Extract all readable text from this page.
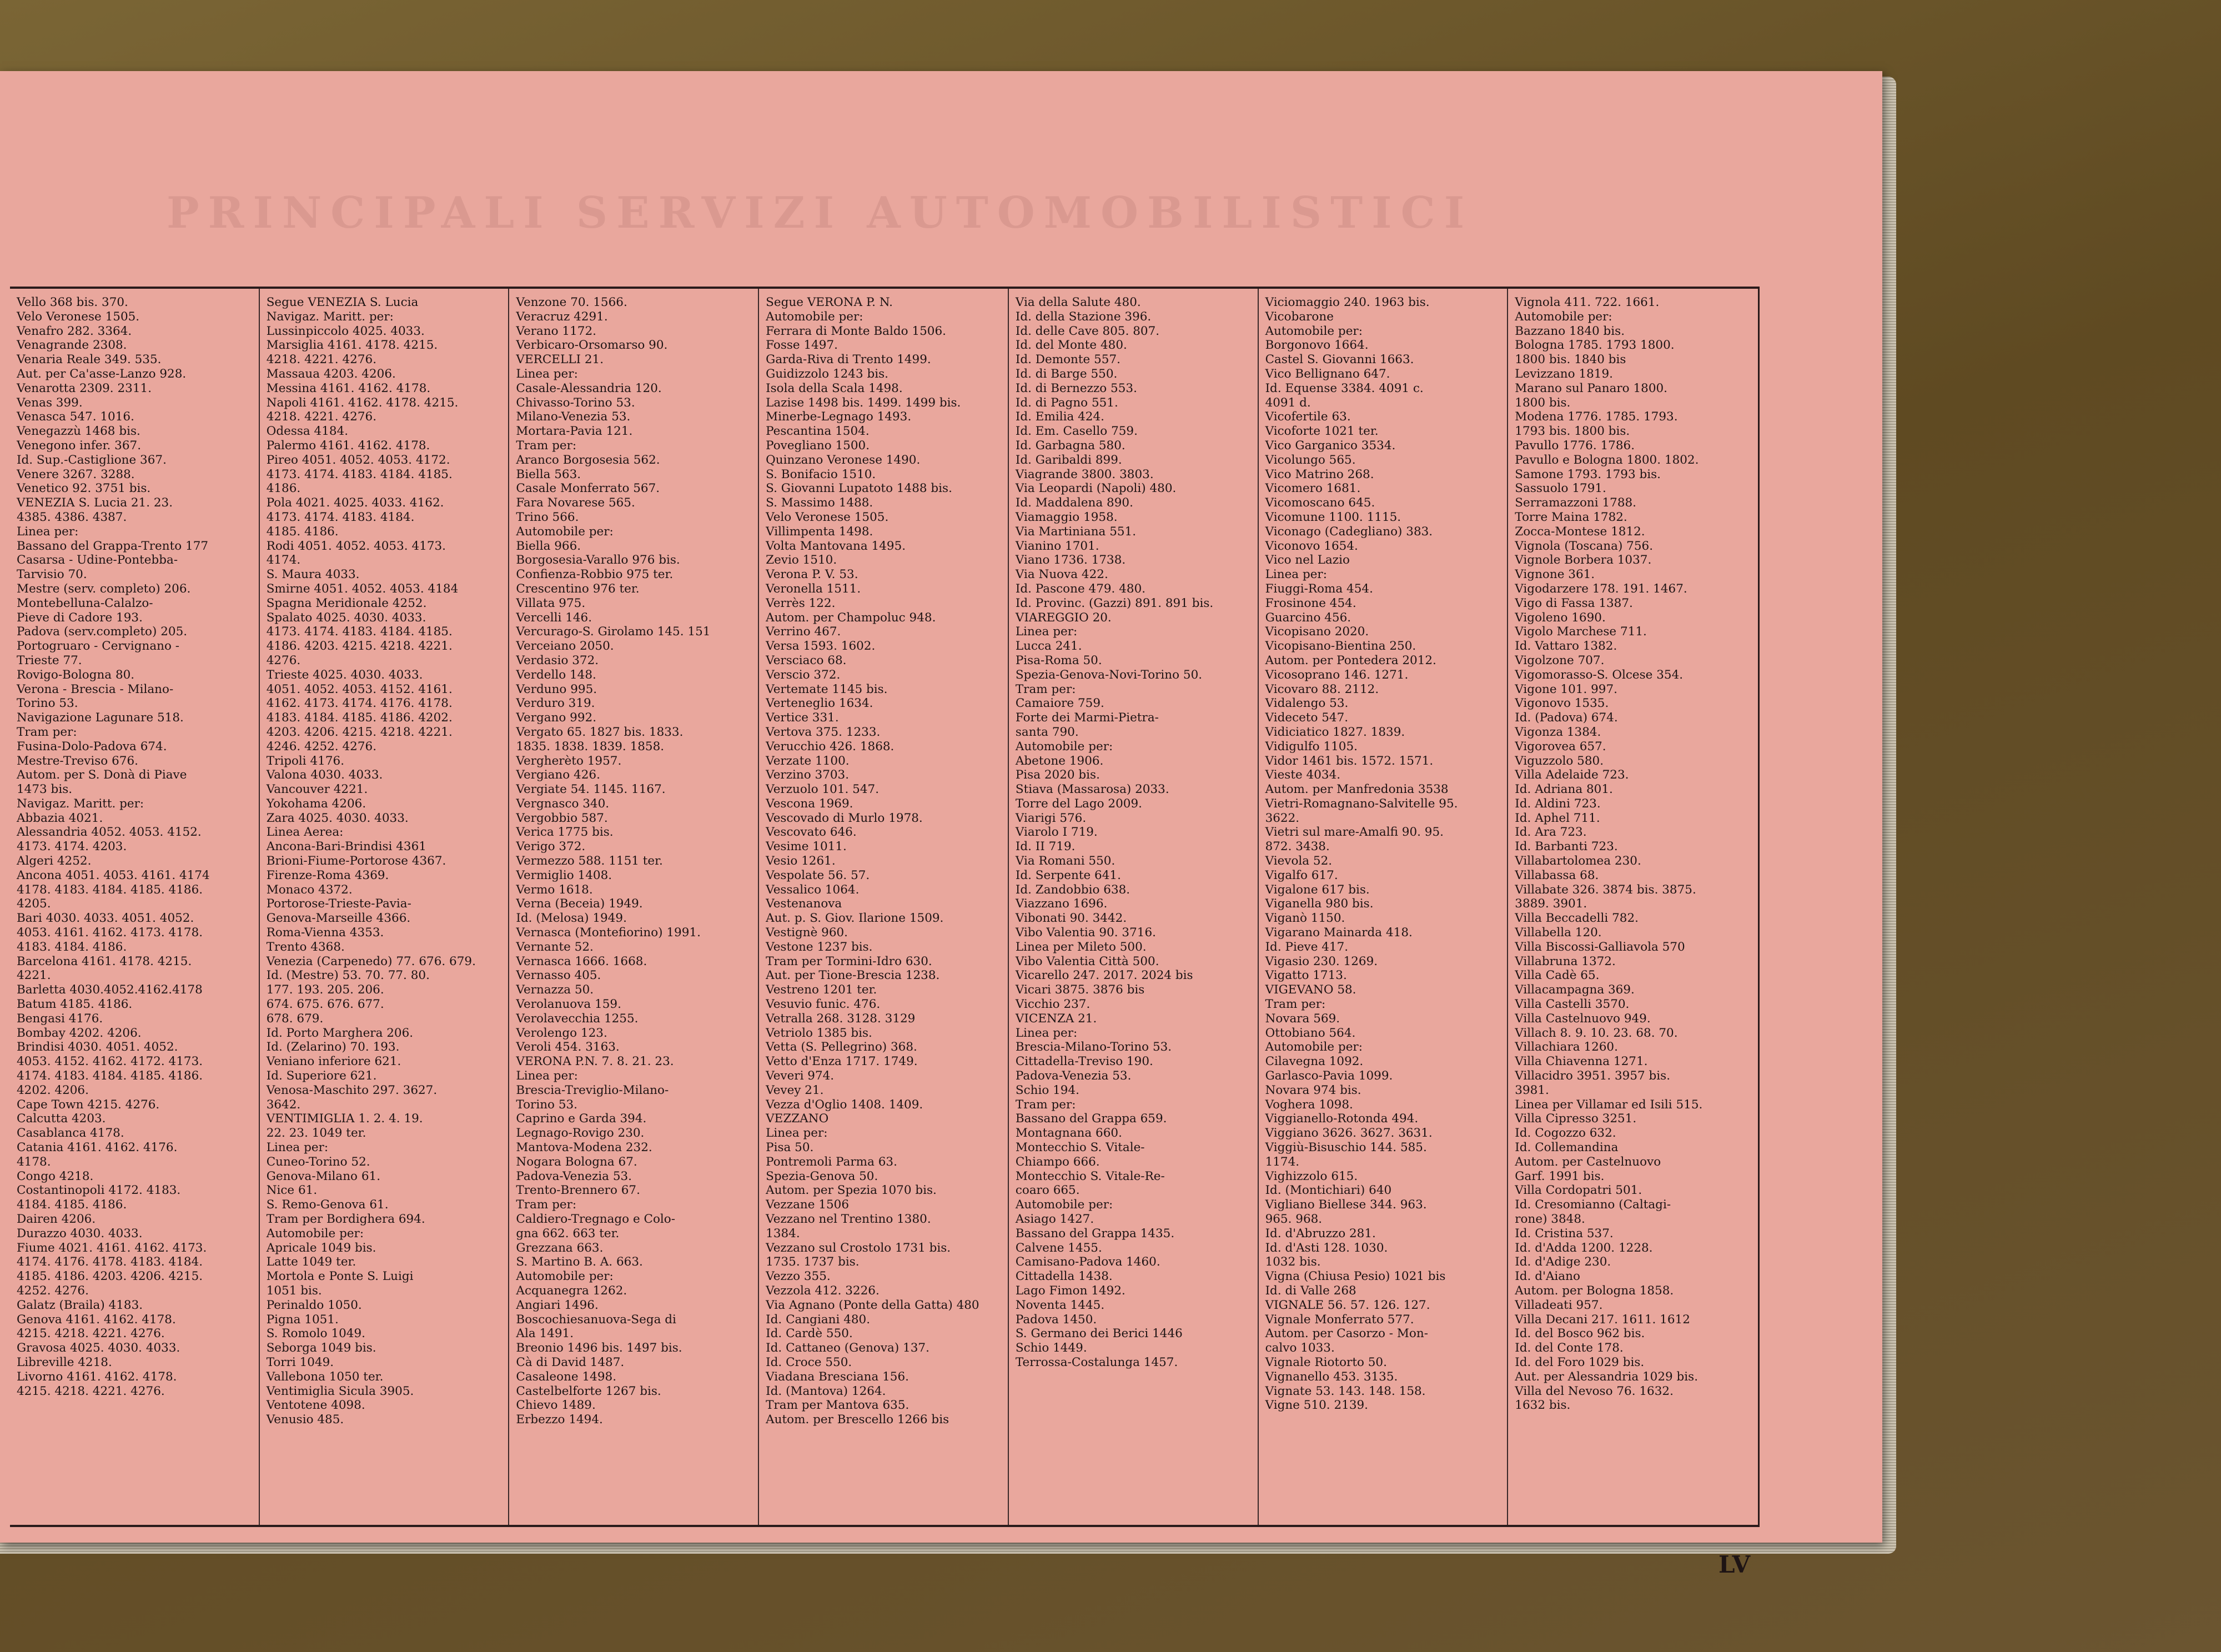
PRINCIPALI SERVIZI AUTOMOBILISTICI
Vello 368 bis. 370.
Velo Veronese 1505.
Venafro 282. 3364.
Venagrande 2308.
Venaria Reale 349. 535.
Aut. per Ca'asse-Lanzo 928.
Venarotta 2309. 2311.
Venas 399.
Venasca 547. 1016.
Venegazzù 1468 bis.
Venegono infer. 367.
Id. Sup.-Castiglione 367.
Venere 3267. 3288.
Venetico 92. 3751 bis.
VENEZIA S. Lucia 21. 23.
4385. 4386. 4387.
Linea per:
Bassano del Grappa-Trento 177
Casarsa - Udine-Pontebba-
Tarvisio 70.
Mestre (serv. completo) 206.
Montebelluna-Calalzo-
Pieve di Cadore 193.
Padova (serv.completo) 205.
Portogruaro - Cervignano -
Trieste 77.
Rovigo-Bologna 80.
Verona - Brescia - Milano-
Torino 53.
Navigazione Lagunare 518.
Tram per:
Fusina-Dolo-Padova 674.
Mestre-Treviso 676.
Autom. per S. Donà di Piave
1473 bis.
Navigaz. Maritt. per:
Abbazia 4021.
Alessandria 4052. 4053. 4152.
4173. 4174. 4203.
Algeri 4252.
Ancona 4051. 4053. 4161. 4174
4178. 4183. 4184. 4185. 4186.
4205.
Bari 4030. 4033. 4051. 4052.
4053. 4161. 4162. 4173. 4178.
4183. 4184. 4186.
Barcelona 4161. 4178. 4215.
4221.
Barletta 4030.4052.4162.4178
Batum 4185. 4186.
Bengasi 4176.
Bombay 4202. 4206.
Brindisi 4030. 4051. 4052.
4053. 4152. 4162. 4172. 4173.
4174. 4183. 4184. 4185. 4186.
4202. 4206.
Cape Town 4215. 4276.
Calcutta 4203.
Casablanca 4178.
Catania 4161. 4162. 4176.
4178.
Congo 4218.
Costantinopoli 4172. 4183.
4184. 4185. 4186.
Dairen 4206.
Durazzo 4030. 4033.
Fiume 4021. 4161. 4162. 4173.
4174. 4176. 4178. 4183. 4184.
4185. 4186. 4203. 4206. 4215.
4252. 4276.
Galatz (Braila) 4183.
Genova 4161. 4162. 4178.
4215. 4218. 4221. 4276.
Gravosa 4025. 4030. 4033.
Libreville 4218.
Livorno 4161. 4162. 4178.
4215. 4218. 4221. 4276.
Segue VENEZIA S. Lucia
Navigaz. Maritt. per:
Lussinpiccolo 4025. 4033.
Marsiglia 4161. 4178. 4215.
4218. 4221. 4276.
Massaua 4203. 4206.
Messina 4161. 4162. 4178.
Napoli 4161. 4162. 4178. 4215.
4218. 4221. 4276.
Odessa 4184.
Palermo 4161. 4162. 4178.
Pireo 4051. 4052. 4053. 4172.
4173. 4174. 4183. 4184. 4185.
4186.
Pola 4021. 4025. 4033. 4162.
4173. 4174. 4183. 4184.
4185. 4186.
Rodi 4051. 4052. 4053. 4173.
4174.
S. Maura 4033.
Smirne 4051. 4052. 4053. 4184
Spagna Meridionale 4252.
Spalato 4025. 4030. 4033.
4173. 4174. 4183. 4184. 4185.
4186. 4203. 4215. 4218. 4221.
4276.
Trieste 4025. 4030. 4033.
4051. 4052. 4053. 4152. 4161.
4162. 4173. 4174. 4176. 4178.
4183. 4184. 4185. 4186. 4202.
4203. 4206. 4215. 4218. 4221.
4246. 4252. 4276.
Tripoli 4176.
Valona 4030. 4033.
Vancouver 4221.
Yokohama 4206.
Zara 4025. 4030. 4033.
Linea Aerea:
Ancona-Bari-Brindisi 4361
Brioni-Fiume-Portorose 4367.
Firenze-Roma 4369.
Monaco 4372.
Portorose-Trieste-Pavia-
Genova-Marseille 4366.
Roma-Vienna 4353.
Trento 4368.
Venezia (Carpenedo) 77. 676. 679.
Id. (Mestre) 53. 70. 77. 80.
177. 193. 205. 206.
674. 675. 676. 677.
678. 679.
Id. Porto Marghera 206.
Id. (Zelarino) 70. 193.
Veniano inferiore 621.
Id. Superiore 621.
Venosa-Maschito 297. 3627.
3642.
VENTIMIGLIA 1. 2. 4. 19.
22. 23. 1049 ter.
Linea per:
Cuneo-Torino 52.
Genova-Milano 61.
Nice 61.
S. Remo-Genova 61.
Tram per Bordighera 694.
Automobile per:
Apricale 1049 bis.
Latte 1049 ter.
Mortola e Ponte S. Luigi
1051 bis.
Perinaldo 1050.
Pigna 1051.
S. Romolo 1049.
Seborga 1049 bis.
Torri 1049.
Vallebona 1050 ter.
Ventimiglia Sicula 3905.
Ventotene 4098.
Venusio 485.
Venzone 70. 1566.
Veracruz 4291.
Verano 1172.
Verbicaro-Orsomarso 90.
VERCELLI 21.
Linea per:
Casale-Alessandria 120.
Chivasso-Torino 53.
Milano-Venezia 53.
Mortara-Pavia 121.
Tram per:
Aranco Borgosesia 562.
Biella 563.
Casale Monferrato 567.
Fara Novarese 565.
Trino 566.
Automobile per:
Biella 966.
Borgosesia-Varallo 976 bis.
Confienza-Robbio 975 ter.
Crescentino 976 ter.
Villata 975.
Vercelli 146.
Vercurago-S. Girolamo 145. 151
Verceiano 2050.
Verdasio 372.
Verdello 148.
Verduno 995.
Verduro 319.
Vergano 992.
Vergato 65. 1827 bis. 1833.
1835. 1838. 1839. 1858.
Vergherèto 1957.
Vergiano 426.
Vergiate 54. 1145. 1167.
Vergnasco 340.
Vergobbio 587.
Verica 1775 bis.
Verigo 372.
Vermezzo 588. 1151 ter.
Vermiglio 1408.
Vermo 1618.
Verna (Beceia) 1949.
Id. (Melosa) 1949.
Vernasca (Montefiorino) 1991.
Vernante 52.
Vernasca 1666. 1668.
Vernasso 405.
Vernazza 50.
Verolanuova 159.
Verolavecchia 1255.
Verolengo 123.
Veroli 454. 3163.
VERONA P.N. 7. 8. 21. 23.
Linea per:
Brescia-Treviglio-Milano-
Torino 53.
Caprino e Garda 394.
Legnago-Rovigo 230.
Mantova-Modena 232.
Nogara Bologna 67.
Padova-Venezia 53.
Trento-Brennero 67.
Tram per:
Caldiero-Tregnago e Colo-
gna 662. 663 ter.
Grezzana 663.
S. Martino B. A. 663.
Automobile per:
Acquanegra 1262.
Angiari 1496.
Boscochiesanuova-Sega di
Ala 1491.
Breonio 1496 bis. 1497 bis.
Cà di David 1487.
Casaleone 1498.
Castelbelforte 1267 bis.
Chievo 1489.
Erbezzo 1494.
Segue VERONA P. N.
Automobile per:
Ferrara di Monte Baldo 1506.
Fosse 1497.
Garda-Riva di Trento 1499.
Guidizzolo 1243 bis.
Isola della Scala 1498.
Lazise 1498 bis. 1499. 1499 bis.
Minerbe-Legnago 1493.
Pescantina 1504.
Povegliano 1500.
Quinzano Veronese 1490.
S. Bonifacio 1510.
S. Giovanni Lupatoto 1488 bis.
S. Massimo 1488.
Velo Veronese 1505.
Villimpenta 1498.
Volta Mantovana 1495.
Zevio 1510.
Verona P. V. 53.
Veronella 1511.
Verrès 122.
Autom. per Champoluc 948.
Verrino 467.
Versa 1593. 1602.
Versciaco 68.
Verscio 372.
Vertemate 1145 bis.
Verteneglio 1634.
Vertice 331.
Vertova 375. 1233.
Verucchio 426. 1868.
Verzate 1100.
Verzino 3703.
Verzuolo 101. 547.
Vescona 1969.
Vescovado di Murlo 1978.
Vescovato 646.
Vesime 1011.
Vesio 1261.
Vespolate 56. 57.
Vessalico 1064.
Vestenanova
Aut. p. S. Giov. Ilarione 1509.
Vestignè 960.
Vestone 1237 bis.
Tram per Tormini-Idro 630.
Aut. per Tione-Brescia 1238.
Vestreno 1201 ter.
Vesuvio funic. 476.
Vetralla 268. 3128. 3129
Vetriolo 1385 bis.
Vetta (S. Pellegrino) 368.
Vetto d'Enza 1717. 1749.
Veveri 974.
Vevey 21.
Vezza d'Oglio 1408. 1409.
VEZZANO
Linea per:
Pisa 50.
Pontremoli Parma 63.
Spezia-Genova 50.
Autom. per Spezia 1070 bis.
Vezzane 1506
Vezzano nel Trentino 1380.
1384.
Vezzano sul Crostolo 1731 bis.
1735. 1737 bis.
Vezzo 355.
Vezzola 412. 3226.
Via Agnano (Ponte della Gatta) 480
Id. Cangiani 480.
Id. Cardè 550.
Id. Cattaneo (Genova) 137.
Id. Croce 550.
Viadana Bresciana 156.
Id. (Mantova) 1264.
Tram per Mantova 635.
Autom. per Brescello 1266 bis
Via della Salute 480.
Id. della Stazione 396.
Id. delle Cave 805. 807.
Id. del Monte 480.
Id. Demonte 557.
Id. di Barge 550.
Id. di Bernezzo 553.
Id. di Pagno 551.
Id. Emilia 424.
Id. Em. Casello 759.
Id. Garbagna 580.
Id. Garibaldi 899.
Viagrande 3800. 3803.
Via Leopardi (Napoli) 480.
Id. Maddalena 890.
Viamaggio 1958.
Via Martiniana 551.
Vianino 1701.
Viano 1736. 1738.
Via Nuova 422.
Id. Pascone 479. 480.
Id. Provinc. (Gazzi) 891. 891 bis.
VIAREGGIO 20.
Linea per:
Lucca 241.
Pisa-Roma 50.
Spezia-Genova-Novi-Torino 50.
Tram per:
Camaiore 759.
Forte dei Marmi-Pietra-
santa 790.
Automobile per:
Abetone 1906.
Pisa 2020 bis.
Stiava (Massarosa) 2033.
Torre del Lago 2009.
Viarigi 576.
Viarolo I 719.
Id. II 719.
Via Romani 550.
Id. Serpente 641.
Id. Zandobbio 638.
Viazzano 1696.
Vibonati 90. 3442.
Vibo Valentia 90. 3716.
Linea per Mileto 500.
Vibo Valentia Città 500.
Vicarello 247. 2017. 2024 bis
Vicari 3875. 3876 bis
Vicchio 237.
VICENZA 21.
Linea per:
Brescia-Milano-Torino 53.
Cittadella-Treviso 190.
Padova-Venezia 53.
Schio 194.
Tram per:
Bassano del Grappa 659.
Montagnana 660.
Montecchio S. Vitale-
Chiampo 666.
Montecchio S. Vitale-Re-
coaro 665.
Automobile per:
Asiago 1427.
Bassano del Grappa 1435.
Calvene 1455.
Camisano-Padova 1460.
Cittadella 1438.
Lago Fimon 1492.
Noventa 1445.
Padova 1450.
S. Germano dei Berici 1446
Schio 1449.
Terrossa-Costalunga 1457.
Viciomaggio 240. 1963 bis.
Vicobarone
Automobile per:
Borgonovo 1664.
Castel S. Giovanni 1663.
Vico Bellignano 647.
Id. Equense 3384. 4091 c.
4091 d.
Vicofertile 63.
Vicoforte 1021 ter.
Vico Garganico 3534.
Vicolungo 565.
Vico Matrino 268.
Vicomero 1681.
Vicomoscano 645.
Vicomune 1100. 1115.
Viconago (Cadegliano) 383.
Viconovo 1654.
Vico nel Lazio
Linea per:
Fiuggi-Roma 454.
Frosinone 454.
Guarcino 456.
Vicopisano 2020.
Vicopisano-Bientina 250.
Autom. per Pontedera 2012.
Vicosoprano 146. 1271.
Vicovaro 88. 2112.
Vidalengo 53.
Videceto 547.
Vidiciatico 1827. 1839.
Vidigulfo 1105.
Vidor 1461 bis. 1572. 1571.
Vieste 4034.
Autom. per Manfredonia 3538
Vietri-Romagnano-Salvitelle 95.
3622.
Vietri sul mare-Amalfi 90. 95.
872. 3438.
Vievola 52.
Vigalfo 617.
Vigalone 617 bis.
Viganella 980 bis.
Viganò 1150.
Vigarano Mainarda 418.
Id. Pieve 417.
Vigasio 230. 1269.
Vigatto 1713.
VIGEVANO 58.
Tram per:
Novara 569.
Ottobiano 564.
Automobile per:
Cilavegna 1092.
Garlasco-Pavia 1099.
Novara 974 bis.
Voghera 1098.
Viggianello-Rotonda 494.
Viggiano 3626. 3627. 3631.
Viggiù-Bisuschio 144. 585.
1174.
Vighizzolo 615.
Id. (Montichiari) 640
Vigliano Biellese 344. 963.
965. 968.
Id. d'Abruzzo 281.
Id. d'Asti 128. 1030.
1032 bis.
Vigna (Chiusa Pesio) 1021 bis
Id. di Valle 268
VIGNALE 56. 57. 126. 127.
Vignale Monferrato 577.
Autom. per Casorzo - Mon-
calvo 1033.
Vignale Riotorto 50.
Vignanello 453. 3135.
Vignate 53. 143. 148. 158.
Vigne 510. 2139.
Vignola 411. 722. 1661.
Automobile per:
Bazzano 1840 bis.
Bologna 1785. 1793 1800.
1800 bis. 1840 bis
Levizzano 1819.
Marano sul Panaro 1800.
1800 bis.
Modena 1776. 1785. 1793.
1793 bis. 1800 bis.
Pavullo 1776. 1786.
Pavullo e Bologna 1800. 1802.
Samone 1793. 1793 bis.
Sassuolo 1791.
Serramazzoni 1788.
Torre Maina 1782.
Zocca-Montese 1812.
Vignola (Toscana) 756.
Vignole Borbera 1037.
Vignone 361.
Vigodarzere 178. 191. 1467.
Vigo di Fassa 1387.
Vigoleno 1690.
Vigolo Marchese 711.
Id. Vattaro 1382.
Vigolzone 707.
Vigomorasso-S. Olcese 354.
Vigone 101. 997.
Vigonovo 1535.
Id. (Padova) 674.
Vigonza 1384.
Vigorovea 657.
Viguzzolo 580.
Villa Adelaide 723.
Id. Adriana 801.
Id. Aldini 723.
Id. Aphel 711.
Id. Ara 723.
Id. Barbanti 723.
Villabartolomea 230.
Villabassa 68.
Villabate 326. 3874 bis. 3875.
3889. 3901.
Villa Beccadelli 782.
Villabella 120.
Villa Biscossi-Galliavola 570
Villabruna 1372.
Villa Cadè 65.
Villacampagna 369.
Villa Castelli 3570.
Villa Castelnuovo 949.
Villach 8. 9. 10. 23. 68. 70.
Villachiara 1260.
Villa Chiavenna 1271.
Villacidro 3951. 3957 bis.
3981.
Linea per Villamar ed Isili 515.
Villa Cipresso 3251.
Id. Cogozzo 632.
Id. Collemandina
Autom. per Castelnuovo
Garf. 1991 bis.
Villa Cordopatri 501.
Id. Cresomianno (Caltagi-
rone) 3848.
Id. Cristina 537.
Id. d'Adda 1200. 1228.
Id. d'Adige 230.
Id. d'Aiano
Autom. per Bologna 1858.
Villadeati 957.
Villa Decani 217. 1611. 1612
Id. del Bosco 962 bis.
Id. del Conte 178.
Id. del Foro 1029 bis.
Aut. per Alessandria 1029 bis.
Villa del Nevoso 76. 1632.
1632 bis.
LV
